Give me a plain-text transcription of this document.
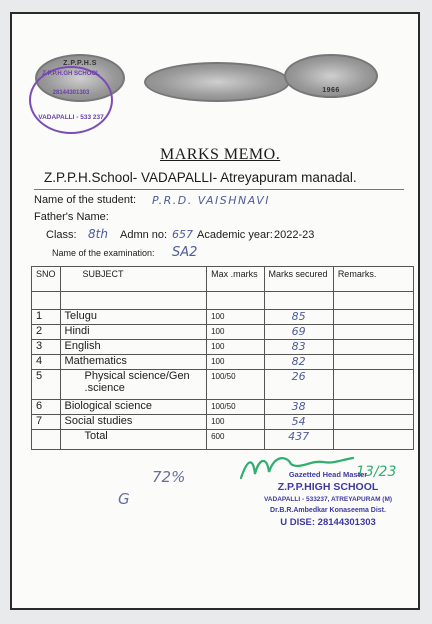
Z.P.P.H.S
1966
Z.P.P.H.GH SCHOOL
28144301303
VADAPALLI - 533 237
MARKS MEMO.
Z.P.P.H.School- VADAPALLI- Atreyapuram manadal.
Name of the student: P.R.D. VAISHNAVI
Father's Name:
Class: 8th Admn no: 657 Academic year: 2022-23
Name of the examination: SA2
SNO	SUBJECT	Max .marks	Marks secured	Remarks.

1	Telugu	100	85	
2	Hindi	100	69	
3	English	100	83	
4	Mathematics	100	82	
5	Physical science/Gen .science	100/50	26	
6	Biological science	100/50	38	
7	Social studies	100	54	
	Total	600	437	
72%
G
13/23
Gazetted Head Master
Z.P.P.HIGH SCHOOL
VADAPALLI - 533237, ATREYAPURAM (M)
Dr.B.R.Ambedkar Konaseema Dist.
U DISE: 28144301303
